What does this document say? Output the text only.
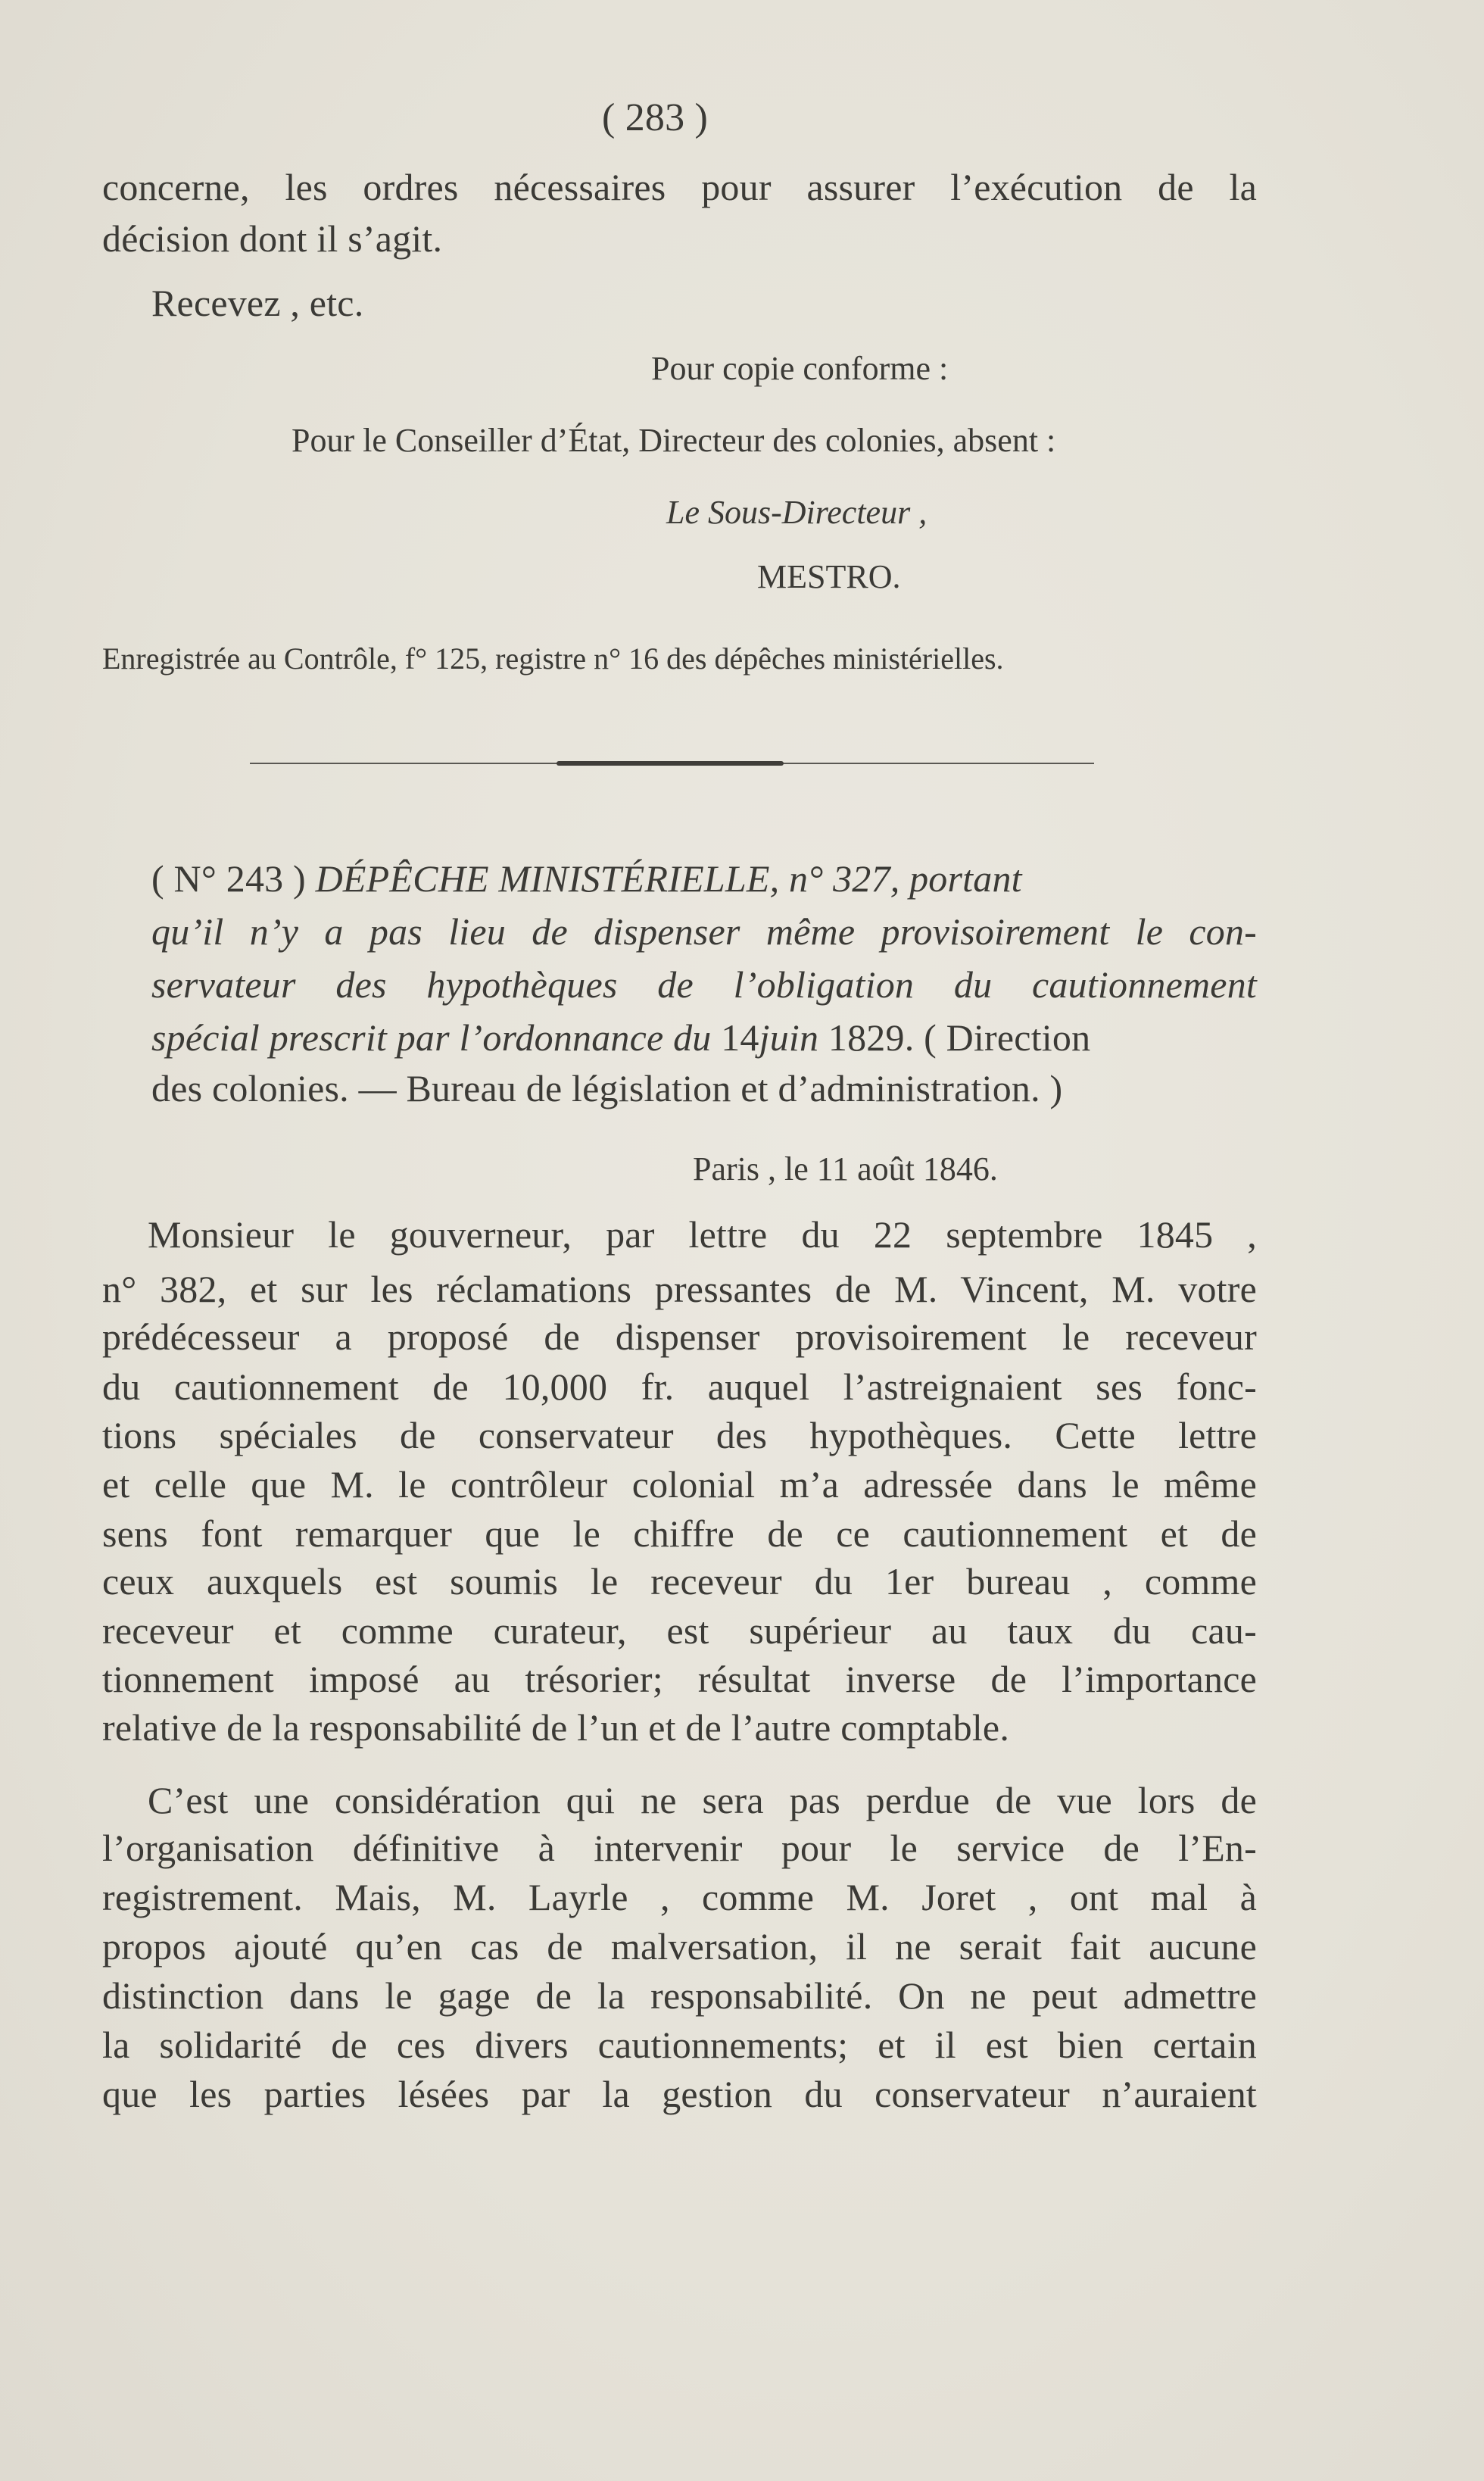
( 283 )
concerne, les ordres nécessaires pour assurer l’exécution de la
décision dont il s’agit.
Recevez , etc.
Pour copie conforme :
Pour le Conseiller d’État, Directeur des colonies, absent :
Le Sous-Directeur ,
MESTRO.
Enregistrée au Contrôle, f° 125, registre n° 16 des dépêches ministérielles.
( N° 243 ) DÉPÊCHE MINISTÉRIELLE, n° 327, portant
qu’il n’y a pas lieu de dispenser même provisoirement le con-
servateur des hypothèques de l’obligation du cautionnement
spécial prescrit par l’ordonnance du 14juin 1829. ( Direction
des colonies. — Bureau de législation et d’administration. )
Paris , le 11 août 1846.
Monsieur le gouverneur, par lettre du 22 septembre 1845 ,
n° 382, et sur les réclamations pressantes de M. Vincent, M. votre
prédécesseur a proposé de dispenser provisoirement le receveur
du cautionnement de 10,000 fr. auquel l’astreignaient ses fonc-
tions spéciales de conservateur des hypothèques. Cette lettre
et celle que M. le contrôleur colonial m’a adressée dans le même
sens font remarquer que le chiffre de ce cautionnement et de
ceux auxquels est soumis le receveur du 1er bureau , comme
receveur et comme curateur, est supérieur au taux du cau-
tionnement imposé au trésorier; résultat inverse de l’importance
relative de la responsabilité de l’un et de l’autre comptable.
C’est une considération qui ne sera pas perdue de vue lors de
l’organisation définitive à intervenir pour le service de l’En-
registrement. Mais, M. Layrle , comme M. Joret , ont mal à
propos ajouté qu’en cas de malversation, il ne serait fait aucune
distinction dans le gage de la responsabilité. On ne peut admettre
la solidarité de ces divers cautionnements; et il est bien certain
que les parties lésées par la gestion du conservateur n’auraient
